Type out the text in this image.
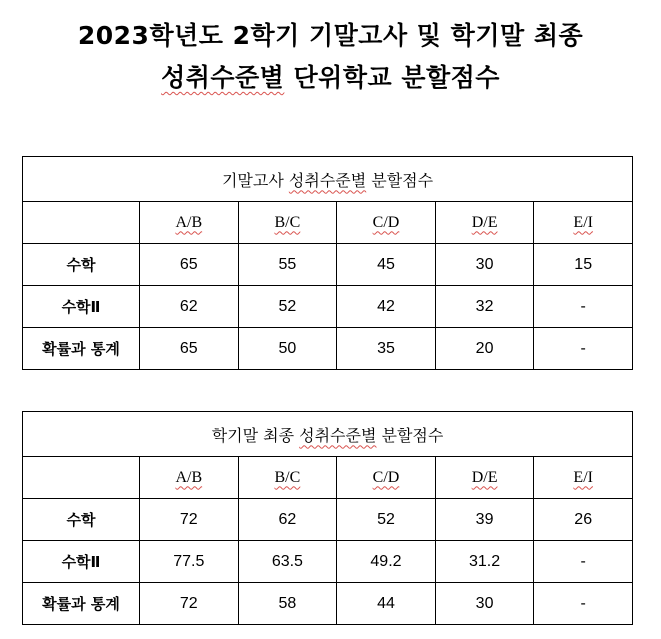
2023학년도 2학기 기말고사 및 학기말 최종
성취수준별 단위학교 분할점수
기말고사 성취수준별 분할점수					
	A/B	B/C	C/D	D/E	E/I
수학	65	55	45	30	15
수학Ⅱ	62	52	42	32	-
확률과 통계	65	50	35	20	-
학기말 최종 성취수준별 분할점수					
	A/B	B/C	C/D	D/E	E/I
수학	72	62	52	39	26
수학Ⅱ	77.5	63.5	49.2	31.2	-
확률과 통계	72	58	44	30	-
